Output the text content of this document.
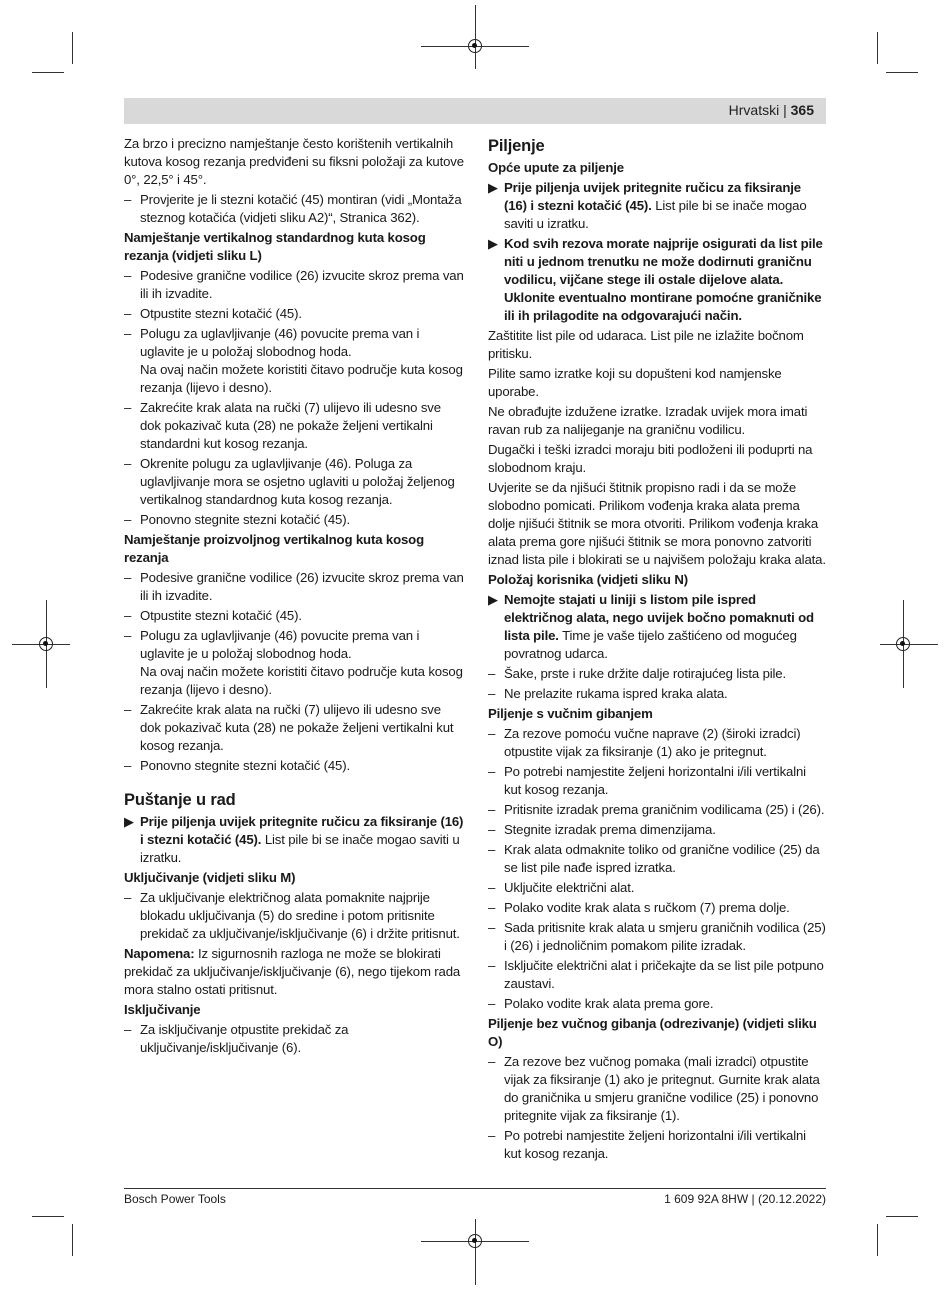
Hrvatski | 365

Za brzo i precizno namještanje često korištenih vertikalnih kutova kosog rezanja predviđeni su fiksni položaji za kutove 0°, 22,5° i 45°.

– Provjerite je li stezni kotačić (45) montiran (vidi „Montaža steznog kotačića (vidjeti sliku A2)“, Stranica 362).

Namještanje vertikalnog standardnog kuta kosog rezanja (vidjeti sliku L)

– Podesive granične vodilice (26) izvucite skroz prema van ili ih izvadite.
– Otpustite stezni kotačić (45).
– Polugu za uglavljivanje (46) povucite prema van i uglavite je u položaj slobodnog hoda.
Na ovaj način možete koristiti čitavo područje kuta kosog rezanja (lijevo i desno).
– Zakrećite krak alata na ručki (7) ulijevo ili udesno sve dok pokazivač kuta (28) ne pokaže željeni vertikalni standardni kut kosog rezanja.
– Okrenite polugu za uglavljivanje (46). Poluga za uglavljivanje mora se osjetno uglaviti u položaj željenog vertikalnog standardnog kuta kosog rezanja.
– Ponovno stegnite stezni kotačić (45).

Namještanje proizvoljnog vertikalnog kuta kosog rezanja

– Podesive granične vodilice (26) izvucite skroz prema van ili ih izvadite.
– Otpustite stezni kotačić (45).
– Polugu za uglavljivanje (46) povucite prema van i uglavite je u položaj slobodnog hoda.
Na ovaj način možete koristiti čitavo područje kuta kosog rezanja (lijevo i desno).
– Zakrećite krak alata na ručki (7) ulijevo ili udesno sve dok pokazivač kuta (28) ne pokaže željeni vertikalni kut kosog rezanja.
– Ponovno stegnite stezni kotačić (45).

Puštanje u rad

▶ Prije piljenja uvijek pritegnite ručicu za fiksiranje (16) i stezni kotačić (45). List pile bi se inače mogao saviti u izratku.

Uključivanje (vidjeti sliku M)

– Za uključivanje električnog alata pomaknite najprije blokadu uključivanja (5) do sredine i potom pritisnite prekidač za uključivanje/isključivanje (6) i držite pritisnut.

Napomena: Iz sigurnosnih razloga ne može se blokirati prekidač za uključivanje/isključivanje (6), nego tijekom rada mora stalno ostati pritisnut.

Isključivanje

– Za isključivanje otpustite prekidač za uključivanje/isključivanje (6).

Piljenje

Opće upute za piljenje

▶ Prije piljenja uvijek pritegnite ručicu za fiksiranje (16) i stezni kotačić (45). List pile bi se inače mogao saviti u izratku.
▶ Kod svih rezova morate najprije osigurati da list pile niti u jednom trenutku ne može dodirnuti graničnu vodilicu, vijčane stege ili ostale dijelove alata. Uklonite eventualno montirane pomoćne graničnike ili ih prilagodite na odgovarajući način.

Zaštitite list pile od udaraca. List pile ne izlažite bočnom pritisku.

Pilite samo izratke koji su dopušteni kod namjenske uporabe.

Ne obrađujte izdužene izratke. Izradak uvijek mora imati ravan rub za nalijeganje na graničnu vodilicu.

Dugački i teški izradci moraju biti podloženi ili poduprti na slobodnom kraju.

Uvjerite se da njišući štitnik propisno radi i da se može slobodno pomicati. Prilikom vođenja kraka alata prema dolje njišući štitnik se mora otvoriti. Prilikom vođenja kraka alata prema gore njišući štitnik se mora ponovno zatvoriti iznad lista pile i blokirati se u najvišem položaju kraka alata.

Položaj korisnika (vidjeti sliku N)

▶ Nemojte stajati u liniji s listom pile ispred električnog alata, nego uvijek bočno pomaknuti od lista pile. Time je vaše tijelo zaštićeno od mogućeg povratnog udarca.
– Šake, prste i ruke držite dalje rotirajućeg lista pile.
– Ne prelazite rukama ispred kraka alata.

Piljenje s vučnim gibanjem

– Za rezove pomoću vučne naprave (2) (široki izradci) otpustite vijak za fiksiranje (1) ako je pritegnut.
– Po potrebi namjestite željeni horizontalni i/ili vertikalni kut kosog rezanja.
– Pritisnite izradak prema graničnim vodilicama (25) i (26).
– Stegnite izradak prema dimenzijama.
– Krak alata odmaknite toliko od granične vodilice (25) da se list pile nađe ispred izratka.
– Uključite električni alat.
– Polako vodite krak alata s ručkom (7) prema dolje.
– Sada pritisnite krak alata u smjeru graničnih vodilica (25) i (26) i jednoličnim pomakom pilite izradak.
– Isključite električni alat i pričekajte da se list pile potpuno zaustavi.
– Polako vodite krak alata prema gore.

Piljenje bez vučnog gibanja (odrezivanje) (vidjeti sliku O)

– Za rezove bez vučnog pomaka (mali izradci) otpustite vijak za fiksiranje (1) ako je pritegnut. Gurnite krak alata do graničnika u smjeru granične vodilice (25) i ponovno pritegnite vijak za fiksiranje (1).
– Po potrebi namjestite željeni horizontalni i/ili vertikalni kut kosog rezanja.
Bosch Power Tools	1 609 92A 8HW | (20.12.2022)
